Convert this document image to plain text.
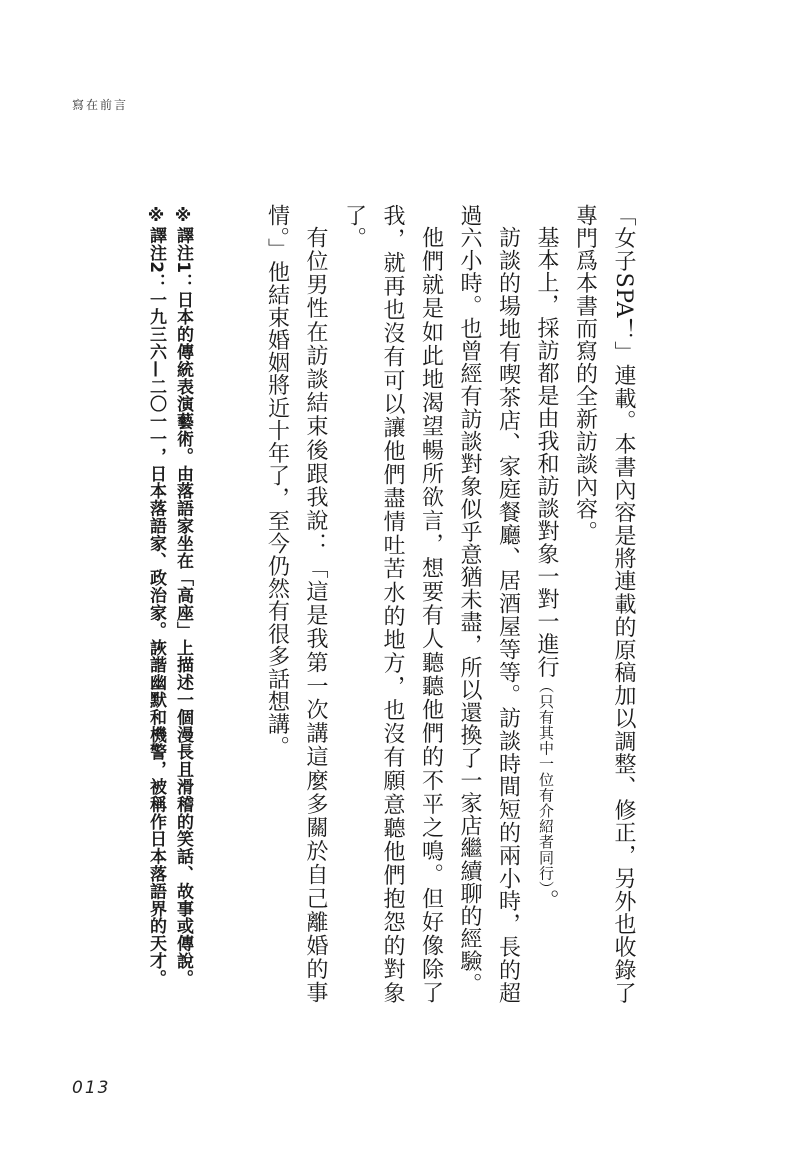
寫在前言

「女子SPA！」連載。本書內容是將連載的原稿加以調整、修正，另外也收錄了專門爲本書而寫的全新訪談內容。

基本上，採訪都是由我和訪談對象一對一進行（只有其中一位有介紹者同行）。

訪談的場地有喫茶店、家庭餐廳、居酒屋等等。訪談時間短的兩小時，長的超過六小時。也曾經有訪談對象似乎意猶未盡，所以還換了一家店繼續聊的經驗。

他們就是如此地渴望暢所欲言，想要有人聽聽他們的不平之鳴。但好像除了我，就再也沒有可以讓他們盡情吐苦水的地方，也沒有願意聽他們抱怨的對象了。

有位男性在訪談結束後跟我說：「這是我第一次講這麼多關於自己離婚的事情。」他結束婚姻將近十年了，至今仍然有很多話想講。

※譯注1：日本的傳統表演藝術。由落語家坐在「高座」上描述一個漫長且滑稽的笑話、故事或傳說。

※譯注2：一九三六—二〇一一，日本落語家、政治家。詼諧幽默和機警，被稱作日本落語界的天才。

013
